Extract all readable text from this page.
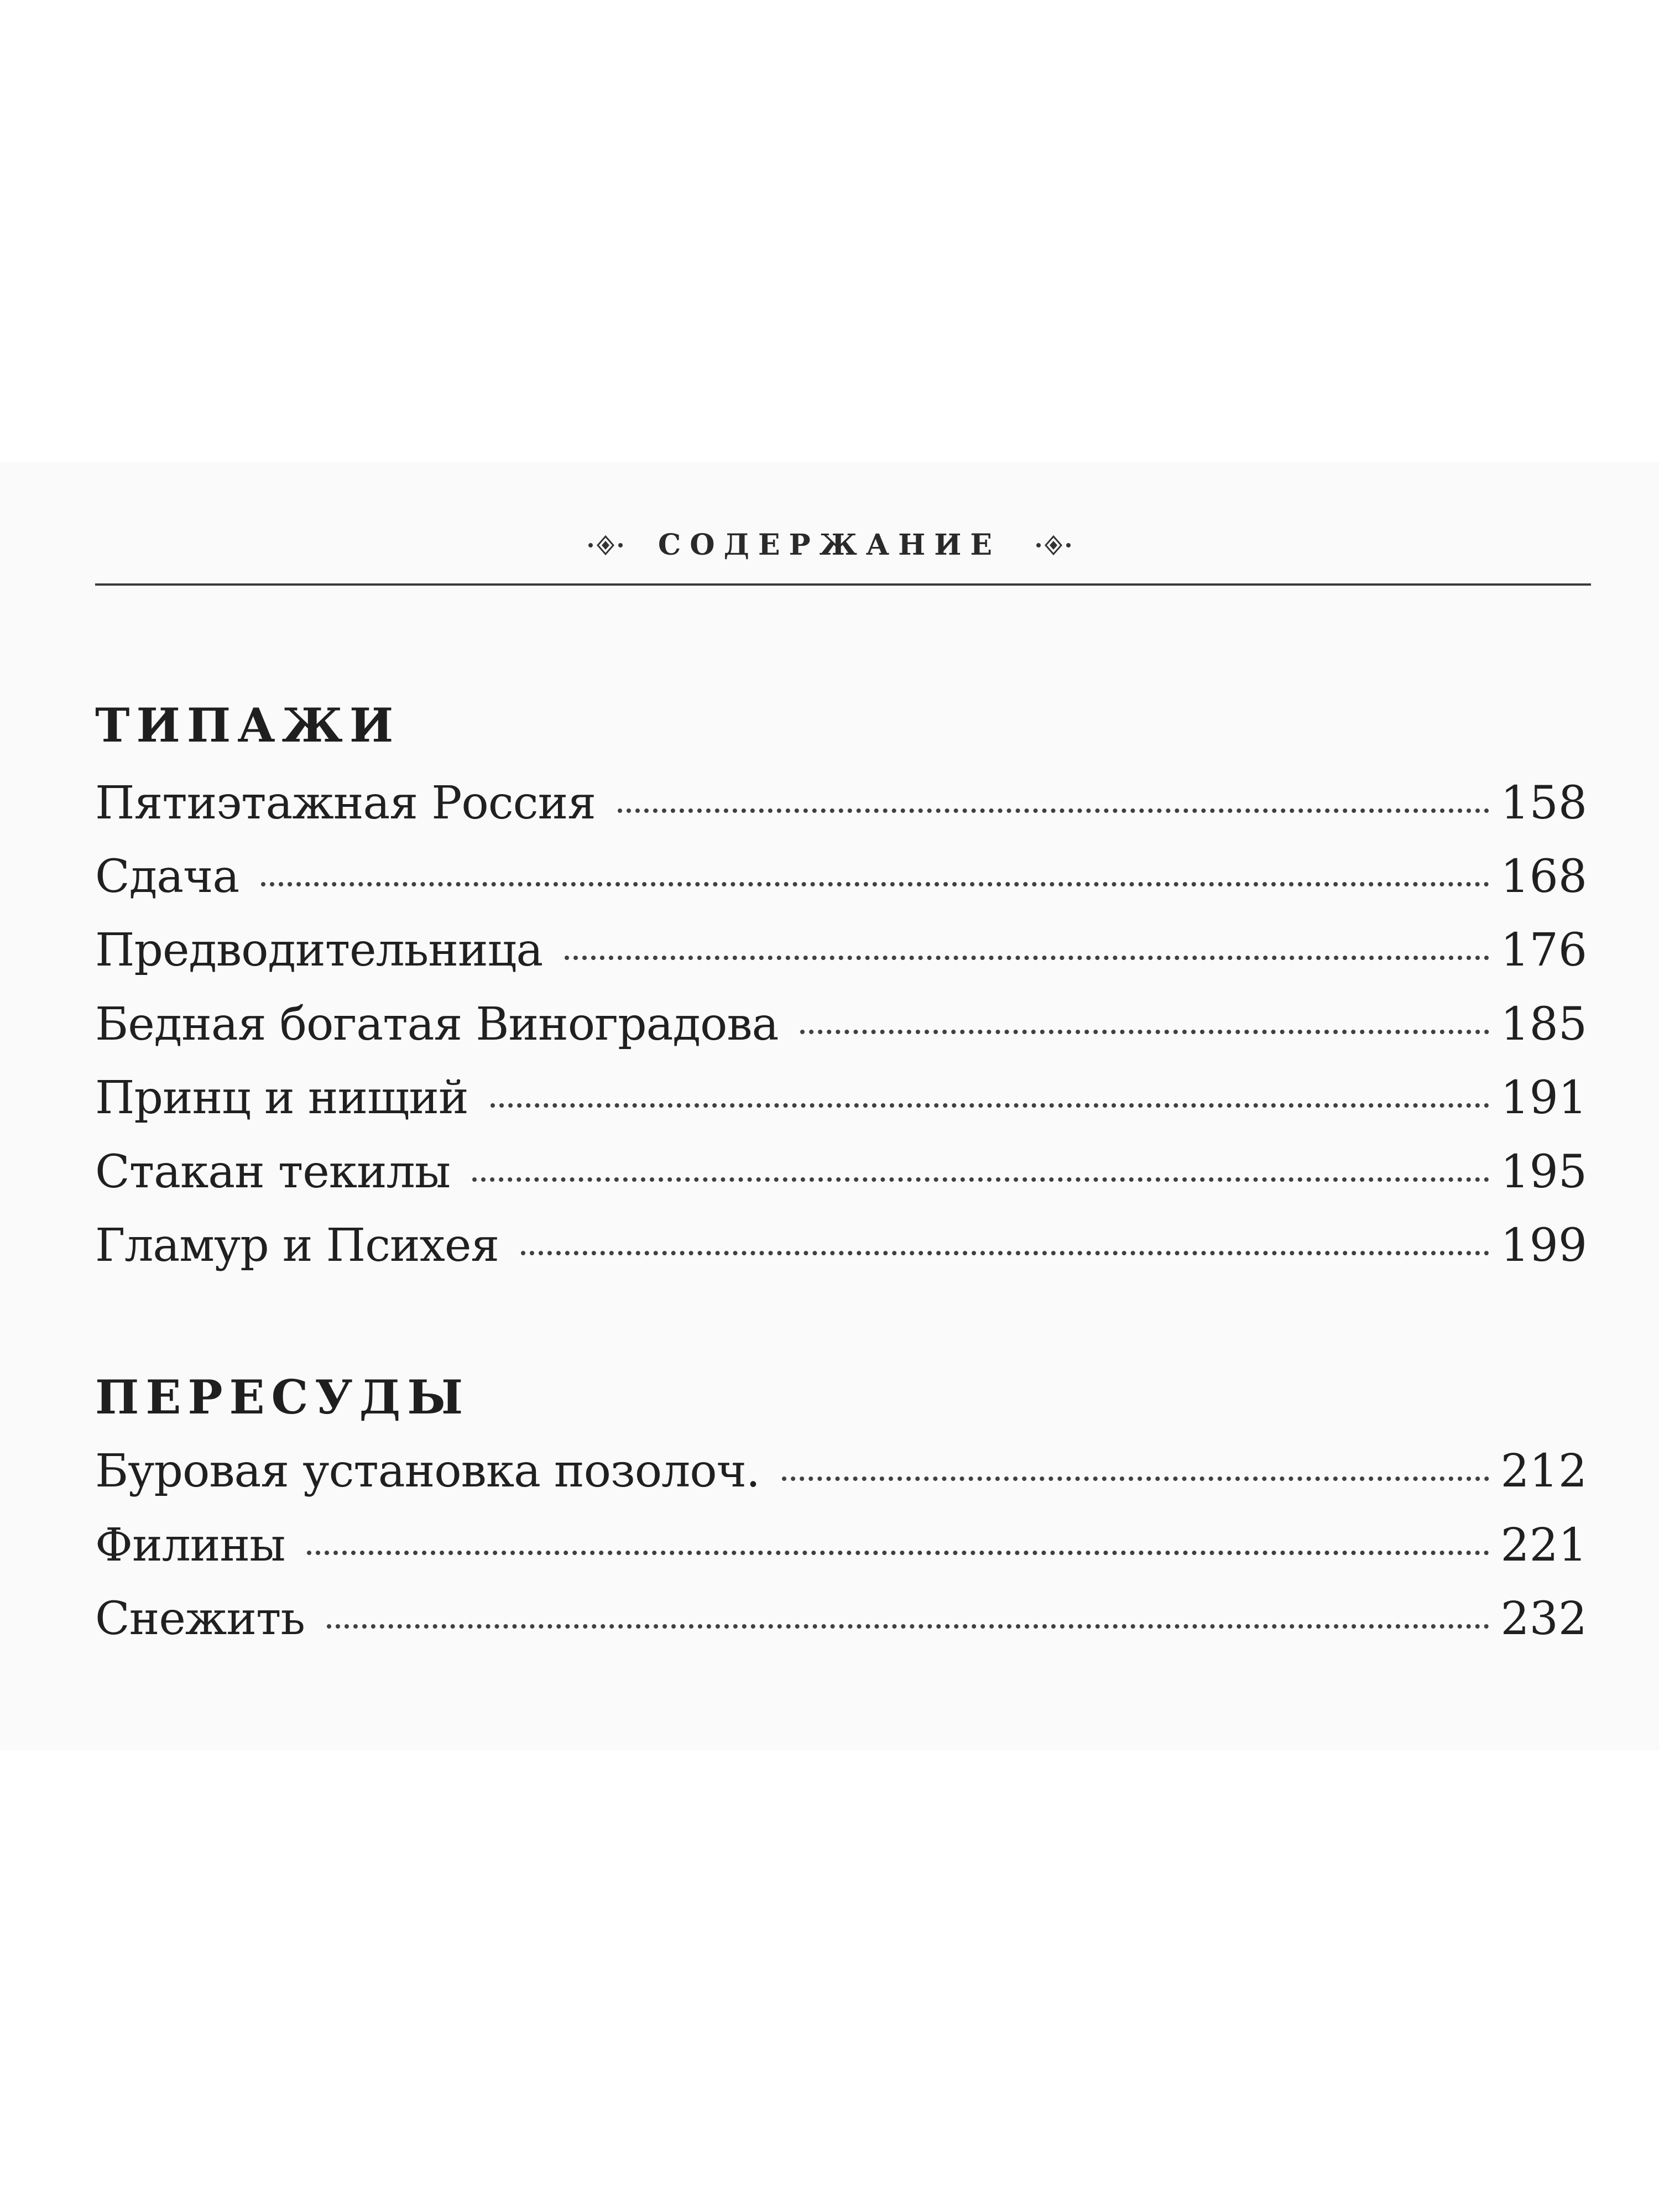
СОДЕРЖАНИЕ
ТИПАЖИ
Пятиэтажная Россия	158
Сдача	168
Предводительница	176
Бедная богатая Виноградова	185
Принц и нищий	191
Стакан текилы	195
Гламур и Психея	199
ПЕРЕСУДЫ
Буровая установка позолоч.	212
Филины	221
Снежить	232
